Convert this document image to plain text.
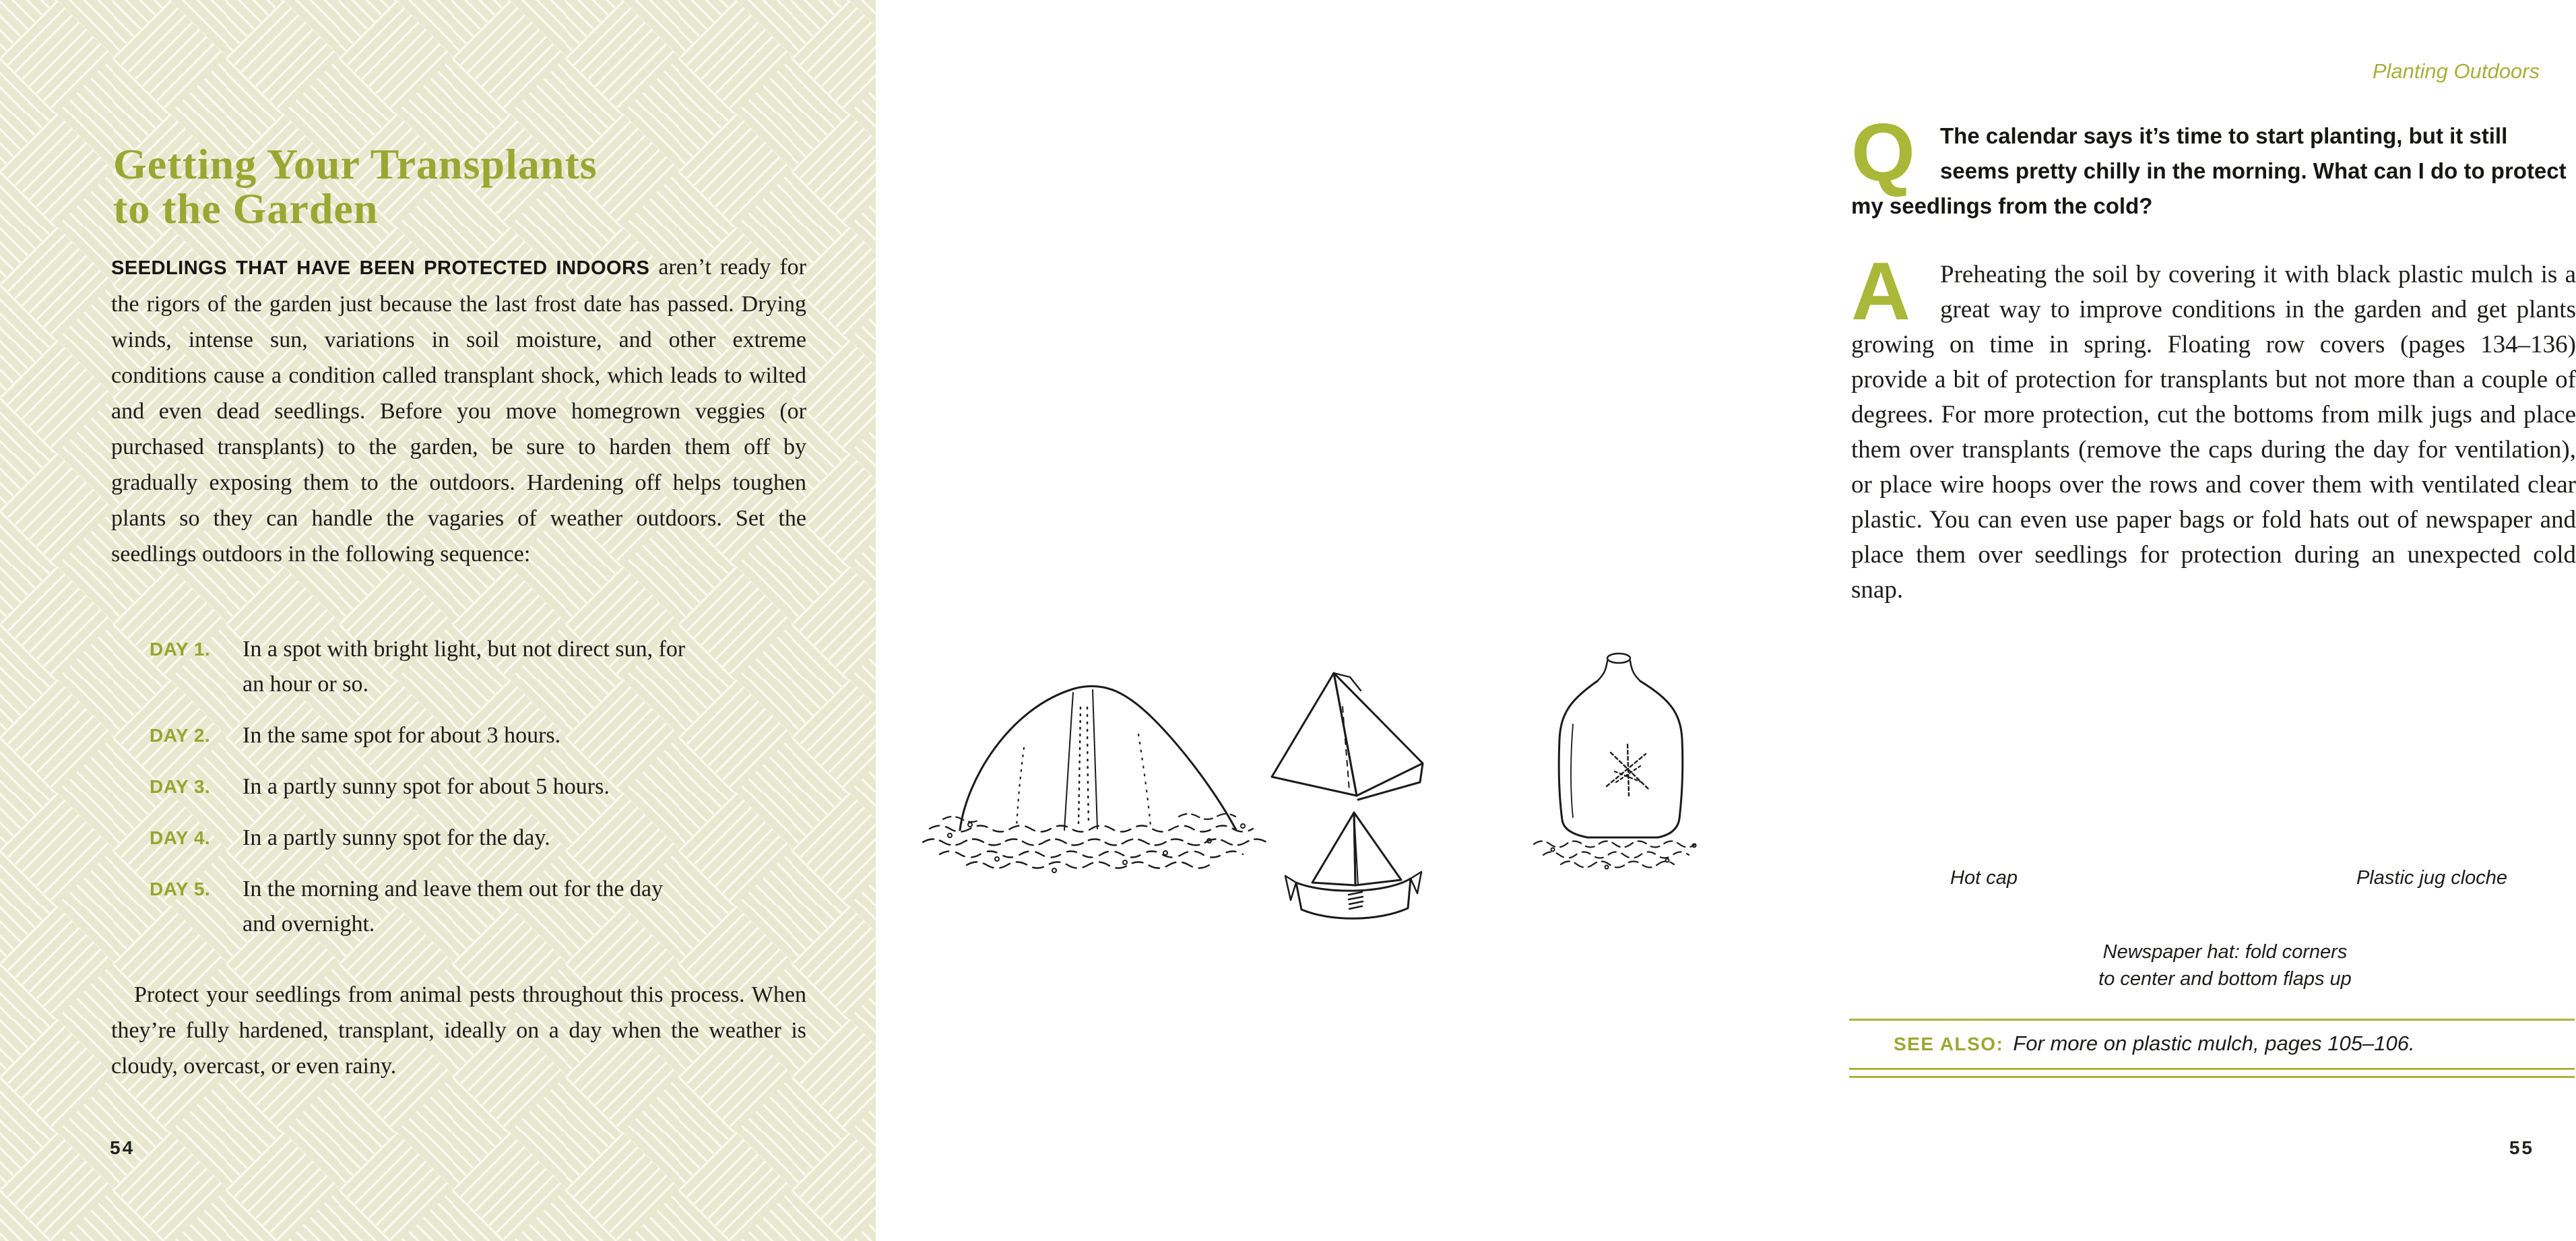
Getting Your Transplants
to the Garden

SEEDLINGS THAT HAVE BEEN PROTECTED INDOORS aren’t ready for the rigors of the garden just because the last frost date has passed. Drying winds, intense sun, variations in soil moisture, and other extreme conditions cause a condition called transplant shock, which leads to wilted and even dead seedlings. Before you move homegrown veggies (or purchased transplants) to the garden, be sure to harden them off by gradually exposing them to the outdoors. Hardening off helps toughen plants so they can handle the vagaries of weather outdoors. Set the seedlings outdoors in the following sequence:

DAY 1. In a spot with bright light, but not direct sun, for an hour or so.
DAY 2. In the same spot for about 3 hours.
DAY 3. In a partly sunny spot for about 5 hours.
DAY 4. In a partly sunny spot for the day.
DAY 5. In the morning and leave them out for the day and overnight.

Protect your seedlings from animal pests throughout this process. When they’re fully hardened, transplant, ideally on a day when the weather is cloudy, overcast, or even rainy.

54
Planting Outdoors
Q	The calendar says it’s time to start planting, but it still seems pretty chilly in the morning. What can I do to protect my seedlings from the cold?
A	Preheating the soil by covering it with black plastic mulch is a great way to improve conditions in the garden and get plants growing on time in spring. Floating row covers (pages 134–136) provide a bit of protection for transplants but not more than a couple of degrees. For more protection, cut the bottoms from milk jugs and place them over transplants (remove the caps during the day for ventilation), or place wire hoops over the rows and cover them with ventilated clear plastic. You can even use paper bags or fold hats out of newspaper and place them over seedlings for protection during an unexpected cold snap.
Hot cap	Plastic jug cloche
Newspaper hat: fold corners to center and bottom flaps up
SEE ALSO: For more on plastic mulch, pages 105–106.
55
